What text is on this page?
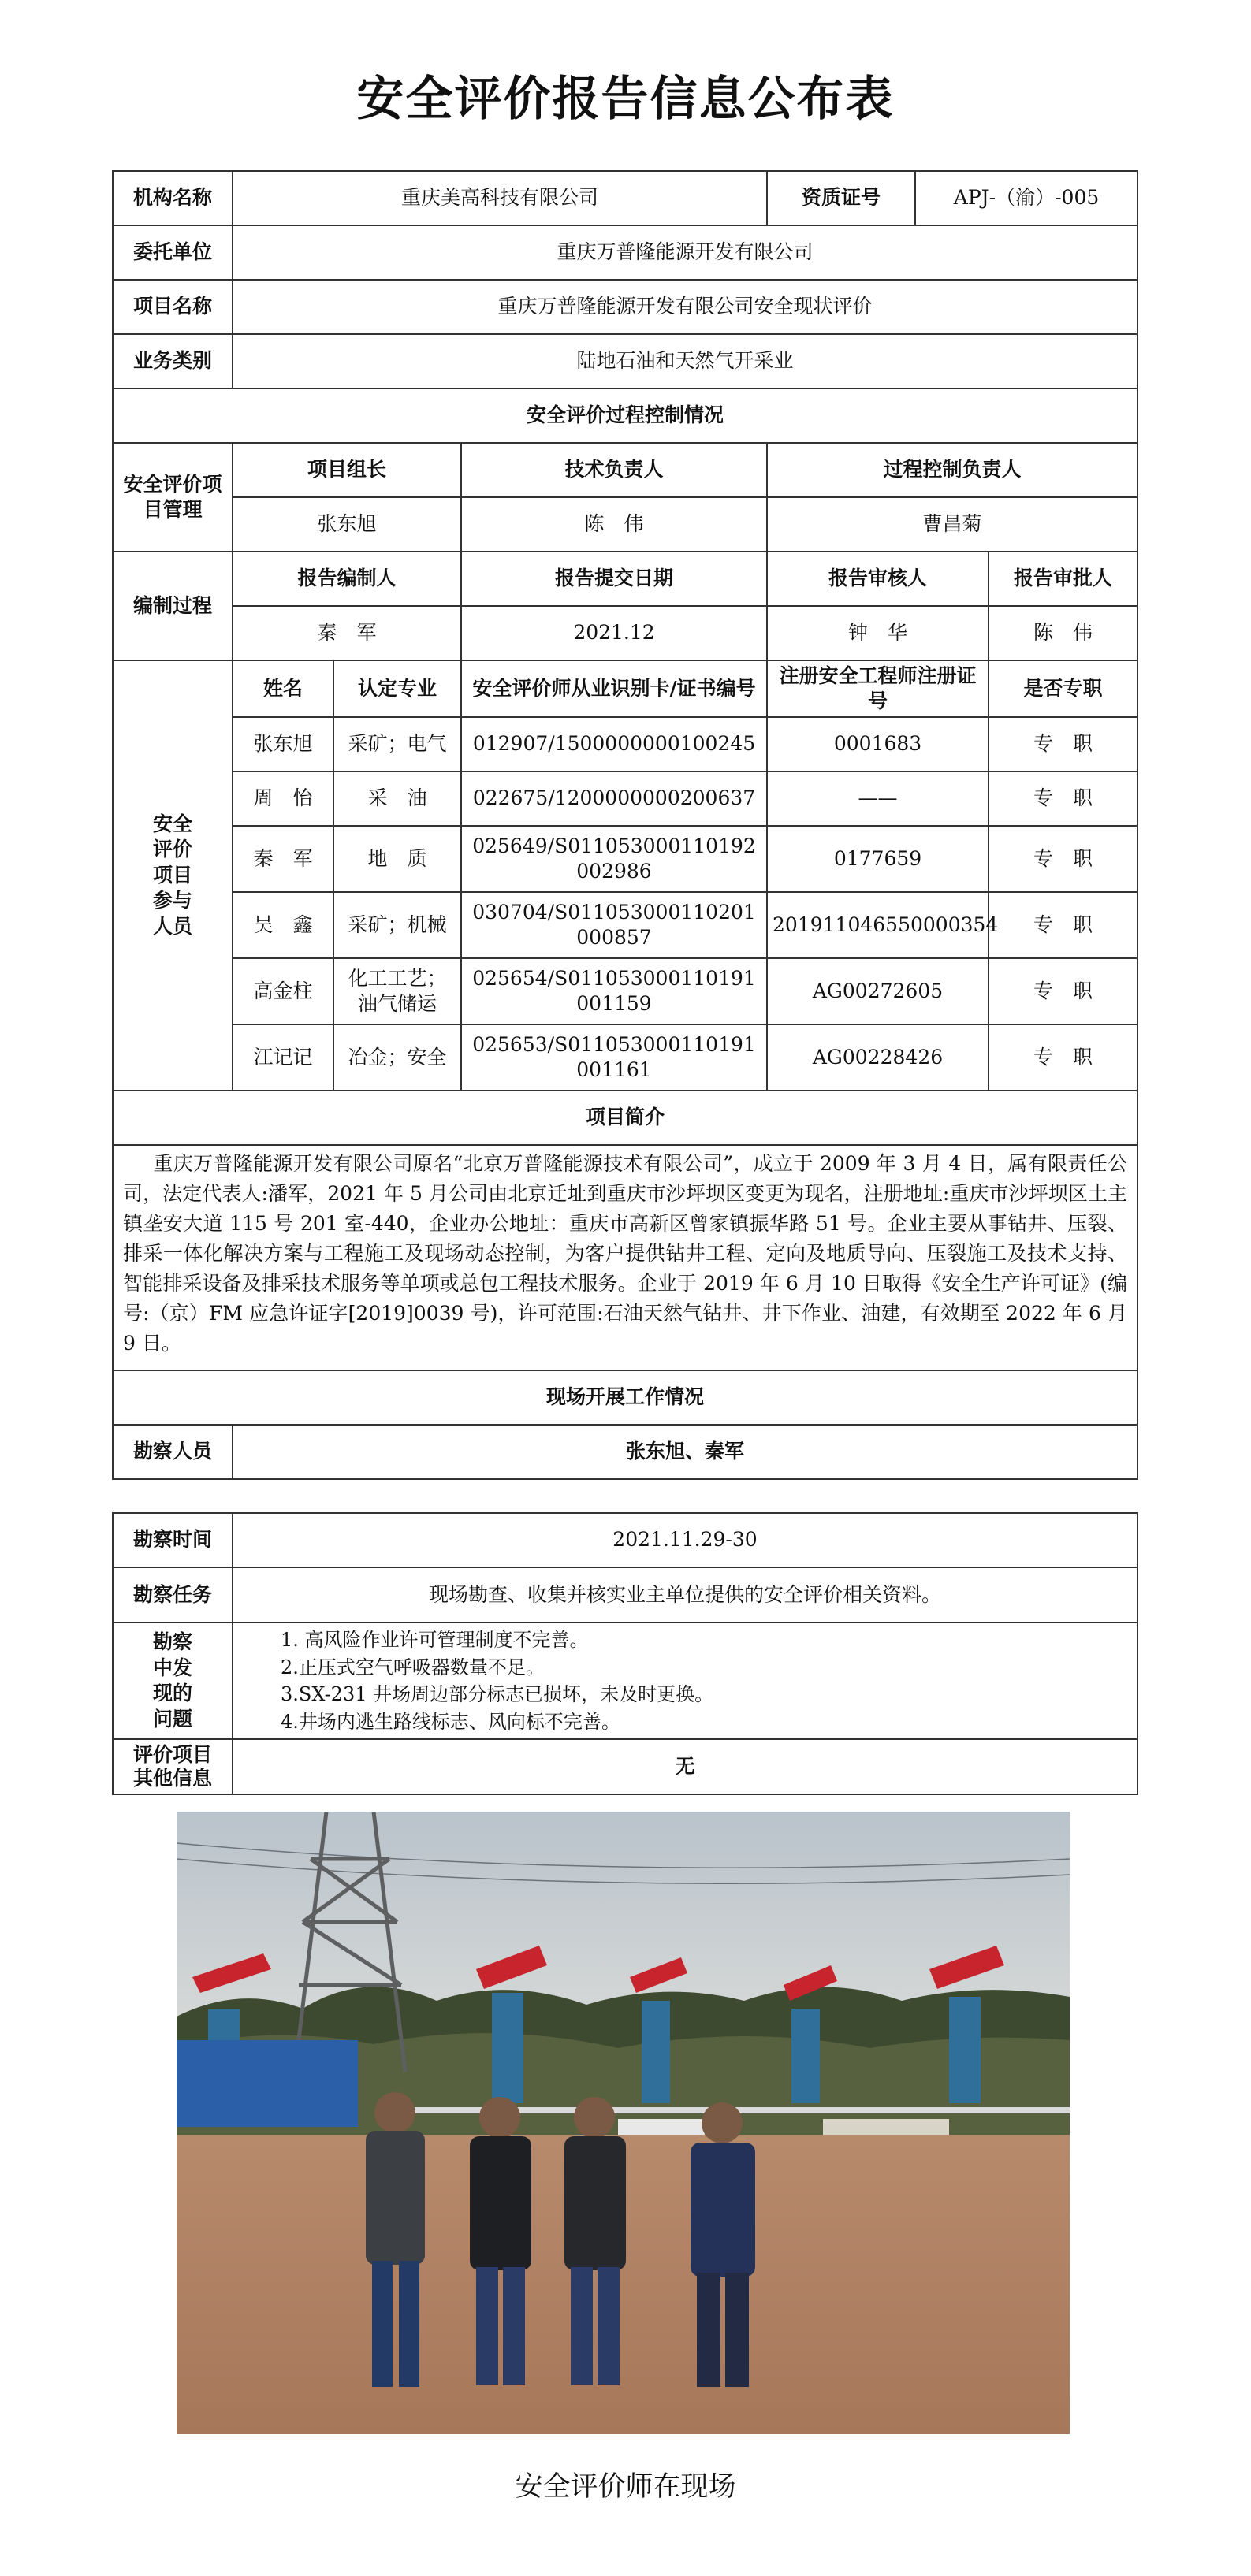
安全评价报告信息公布表
机构名称	重庆美高科技有限公司			资质证号	APJ-（渝）-005	
委托单位	重庆万普隆能源开发有限公司					
项目名称	重庆万普隆能源开发有限公司安全现状评价					
业务类别	陆地石油和天然气开采业					
安全评价过程控制情况						
安全评价项目管理	项目组长		技术负责人	过程控制负责人		
	张东旭		陈　伟	曹昌菊		
编制过程	报告编制人		报告提交日期	报告审核人		报告审批人
	秦　军		2021.12	钟　华		陈　伟
安全评价项目参与人员	姓名	认定专业	安全评价师从业识别卡/证书编号	注册安全工程师注册证号		是否专职
	张东旭	采矿；电气	012907/1500000000100245	0001683		专　职
	周　怡	采　油	022675/1200000000200637	——		专　职
	秦　军	地　质	025649/S011053000110192002986	0177659		专　职
	吴　鑫	采矿；机械	030704/S011053000110201000857	201911046550000354		专　职
	高金柱	化工工艺；油气储运	025654/S011053000110191001159	AG00272605		专　职
	江记记	冶金；安全	025653/S011053000110191001161	AG00228426		专　职
项目简介						
重庆万普隆能源开发有限公司原名“北京万普隆能源技术有限公司”，成立于 2009 年 3 月 4 日，属有限责任公司，法定代表人:潘军，2021 年 5 月公司由北京迁址到重庆市沙坪坝区变更为现名，注册地址:重庆市沙坪坝区土主镇垄安大道 115 号 201 室-440，企业办公地址：重庆市高新区曾家镇振华路 51 号。企业主要从事钻井、压裂、排采一体化解决方案与工程施工及现场动态控制，为客户提供钻井工程、定向及地质导向、压裂施工及技术支持、智能排采设备及排采技术服务等单项或总包工程技术服务。企业于 2019 年 6 月 10 日取得《安全生产许可证》(编号:（京）FM 应急许证字[2019]0039 号)，许可范围:石油天然气钻井、井下作业、油建，有效期至 2022 年 6 月 9 日。						
现场开展工作情况						
勘察人员	张东旭、秦军					
勘察时间	2021.11.29-30
勘察任务	现场勘查、收集并核实业主单位提供的安全评价相关资料。
勘察中发现的问题	1. 高风险作业许可管理制度不完善。
2.正压式空气呼吸器数量不足。
3.SX-231 井场周边部分标志已损坏，未及时更换。
4.井场内逃生路线标志、风向标不完善。

评价项目其他信息	无
安全评价师在现场
